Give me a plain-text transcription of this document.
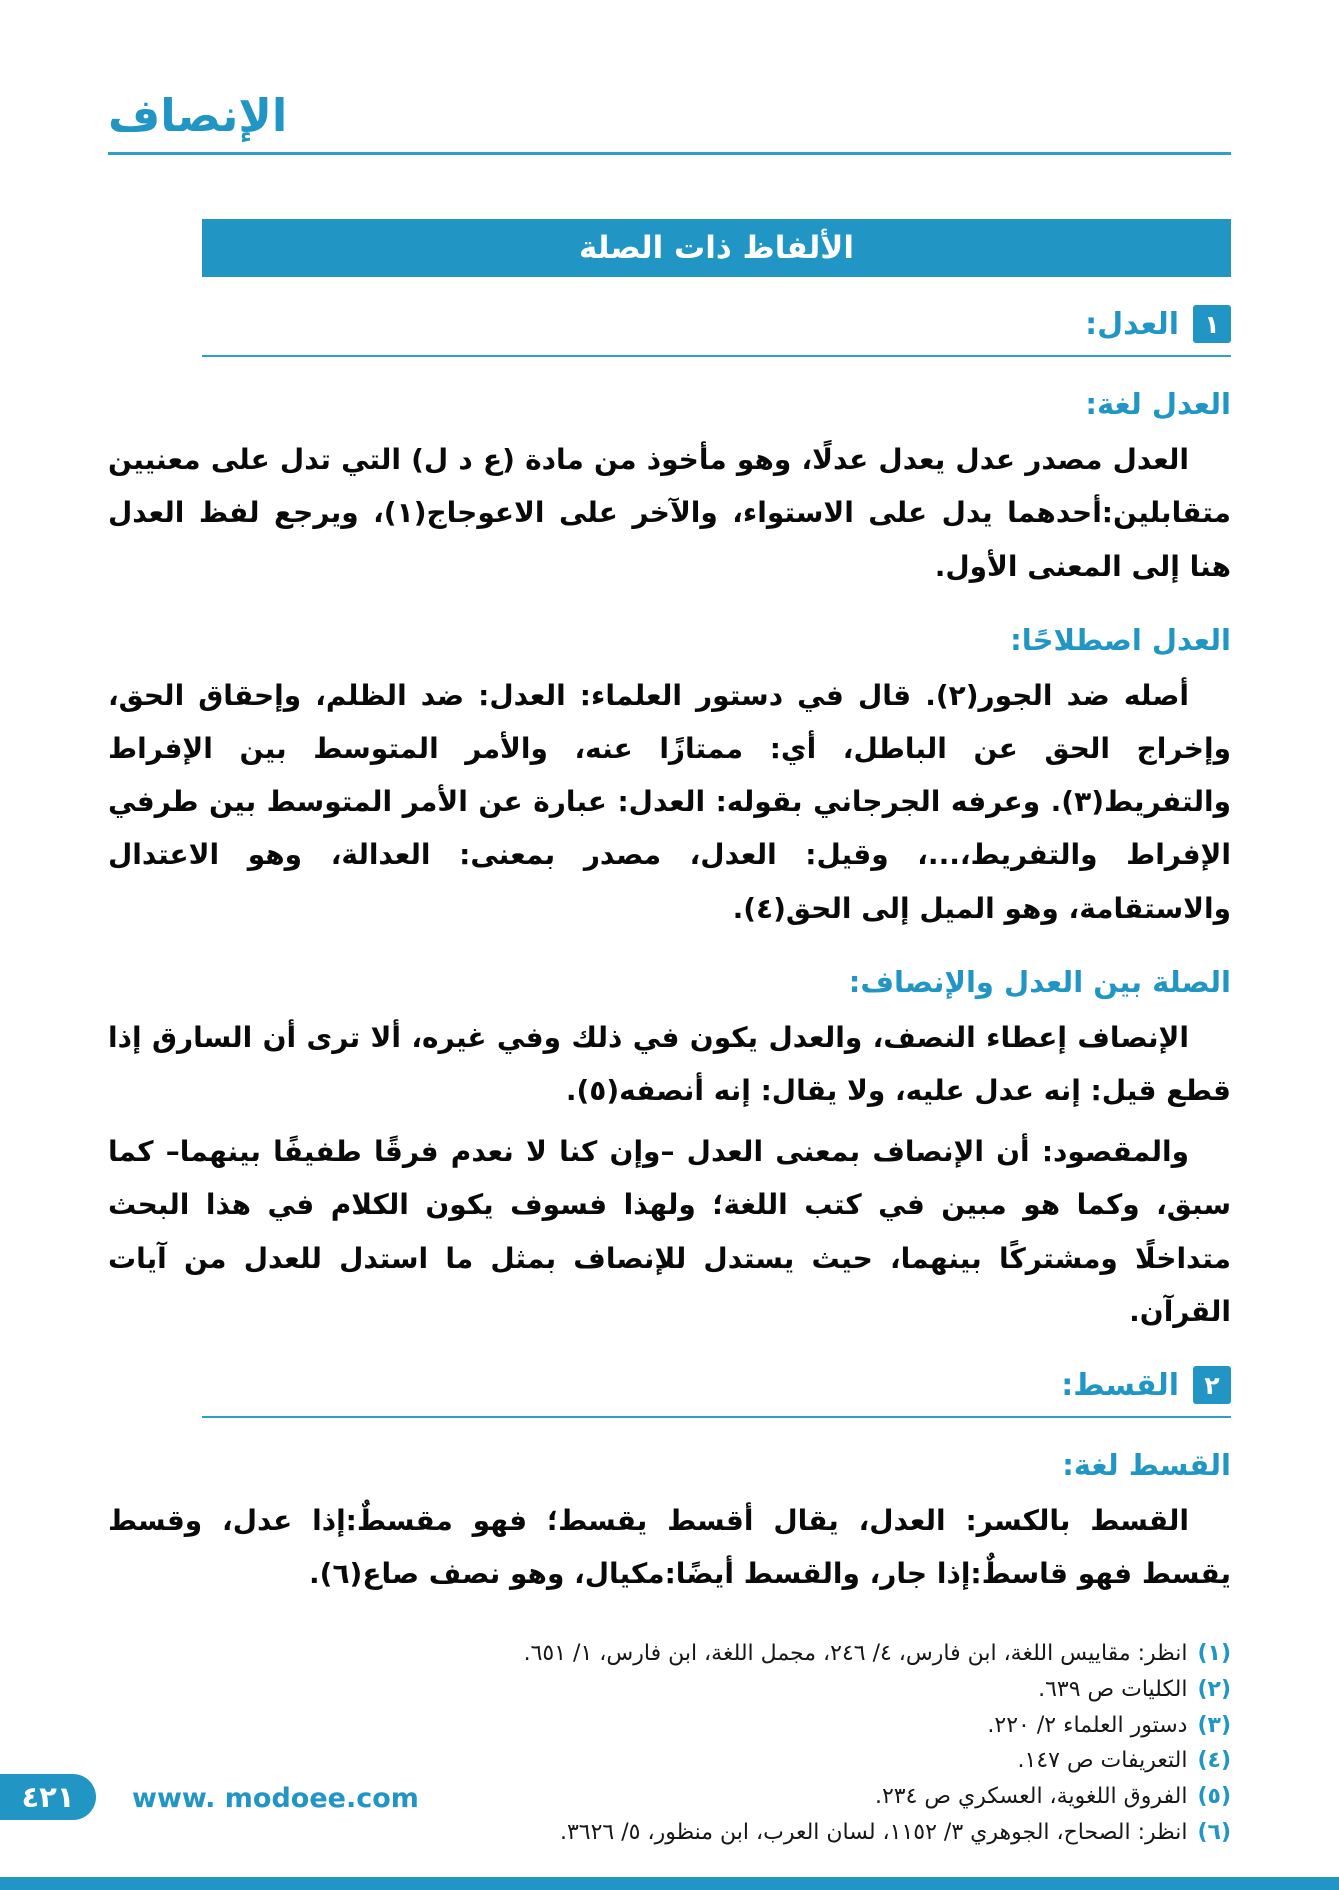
الإنصاف
الألفاظ ذات الصلة
١
العدل:
العدل لغة:

العدل مصدر عدل يعدل عدلًا، وهو مأخوذ من مادة (ع د ل) التي تدل على معنيين متقابلين:أحدهما يدل على الاستواء، والآخر على الاعوجاج(١)، ويرجع لفظ العدل هنا إلى المعنى الأول.

العدل اصطلاحًا:

أصله ضد الجور(٢). قال في دستور العلماء: العدل: ضد الظلم، وإحقاق الحق، وإخراج الحق عن الباطل، أي: ممتازًا عنه، والأمر المتوسط بين الإفراط والتفريط(٣). وعرفه الجرجاني بقوله: العدل: عبارة عن الأمر المتوسط بين طرفي الإفراط والتفريط،...، وقيل: العدل، مصدر بمعنى: العدالة، وهو الاعتدال والاستقامة، وهو الميل إلى الحق(٤).

الصلة بين العدل والإنصاف:

الإنصاف إعطاء النصف، والعدل يكون في ذلك وفي غيره، ألا ترى أن السارق إذا قطع قيل: إنه عدل عليه، ولا يقال: إنه أنصفه(٥).

والمقصود: أن الإنصاف بمعنى العدل –وإن كنا لا نعدم فرقًا طفيفًا بينهما– كما سبق، وكما هو مبين في كتب اللغة؛ ولهذا فسوف يكون الكلام في هذا البحث متداخلًا ومشتركًا بينهما، حيث يستدل للإنصاف بمثل ما استدل للعدل من آيات القرآن.

٢
القسط:
القسط لغة:

القسط بالكسر: العدل، يقال أقسط يقسط؛ فهو مقسطٌ:إذا عدل، وقسط يقسط فهو قاسطٌ:إذا جار، والقسط أيضًا:مكيال، وهو نصف صاع(٦).

(١)
انظر: مقاييس اللغة، ابن فارس، ٤/ ٢٤٦، مجمل اللغة، ابن فارس، ١/ ٦٥١.
(٢)
الكليات ص ٦٣٩.
(٣)
دستور العلماء ٢/ ٢٢٠.
(٤)
التعريفات ص ١٤٧.
(٥)
الفروق اللغوية، العسكري ص ٢٣٤.
(٦)
انظر: الصحاح، الجوهري ٣/ ١١٥٢، لسان العرب، ابن منظور، ٥/ ٣٦٢٦.
٤٢١ www. modoee.com
